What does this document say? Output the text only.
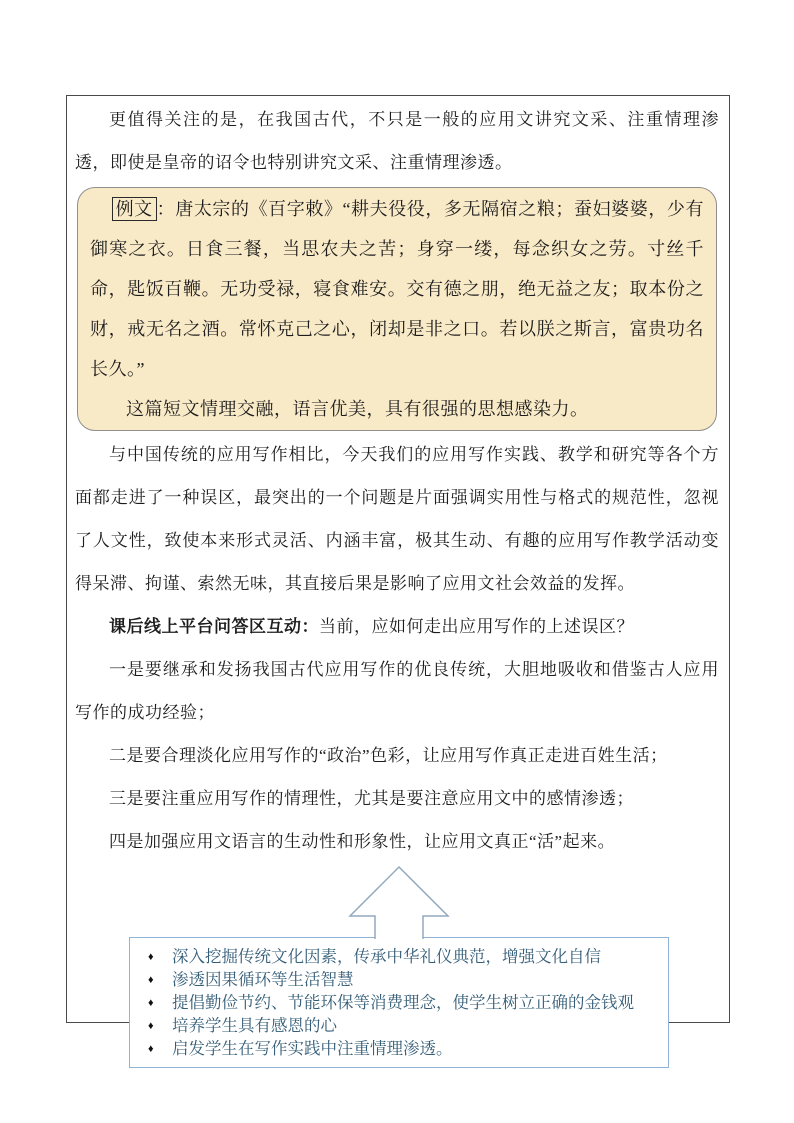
更值得关注的是，在我国古代，不只是一般的应用文讲究文采、注重情理渗透，即使是皇帝的诏令也特别讲究文采、注重情理渗透。

例文 ：唐太宗的《百字敕》“耕夫役役，多无隔宿之粮；蚕妇婆婆，少有御寒之衣。日食三餐，当思农夫之苦；身穿一缕，每念织女之劳。寸丝千命，匙饭百鞭。无功受禄，寝食难安。交有德之朋，绝无益之友；取本份之财，戒无名之酒。常怀克己之心，闭却是非之口。若以朕之斯言，富贵功名长久。”

这篇短文情理交融，语言优美，具有很强的思想感染力。

与中国传统的应用写作相比，今天我们的应用写作实践、教学和研究等各个方面都走进了一种误区，最突出的一个问题是片面强调实用性与格式的规范性，忽视了人文性，致使本来形式灵活、内涵丰富，极其生动、有趣的应用写作教学活动变得呆滞、拘谨、索然无味，其直接后果是影响了应用文社会效益的发挥。

课后线上平台问答区互动：当前，应如何走出应用写作的上述误区？

一是要继承和发扬我国古代应用写作的优良传统，大胆地吸收和借鉴古人应用写作的成功经验；

二是要合理淡化应用写作的“政治”色彩，让应用写作真正走进百姓生活；

三是要注重应用写作的情理性，尤其是要注意应用文中的感情渗透；

四是加强应用文语言的生动性和形象性，让应用文真正“活”起来。

♦	深入挖掘传统文化因素，传承中华礼仪典范，增强文化自信
♦	渗透因果循环等生活智慧
♦	提倡勤俭节约、节能环保等消费理念，使学生树立正确的金钱观
♦	培养学生具有感恩的心
♦	启发学生在写作实践中注重情理渗透。
